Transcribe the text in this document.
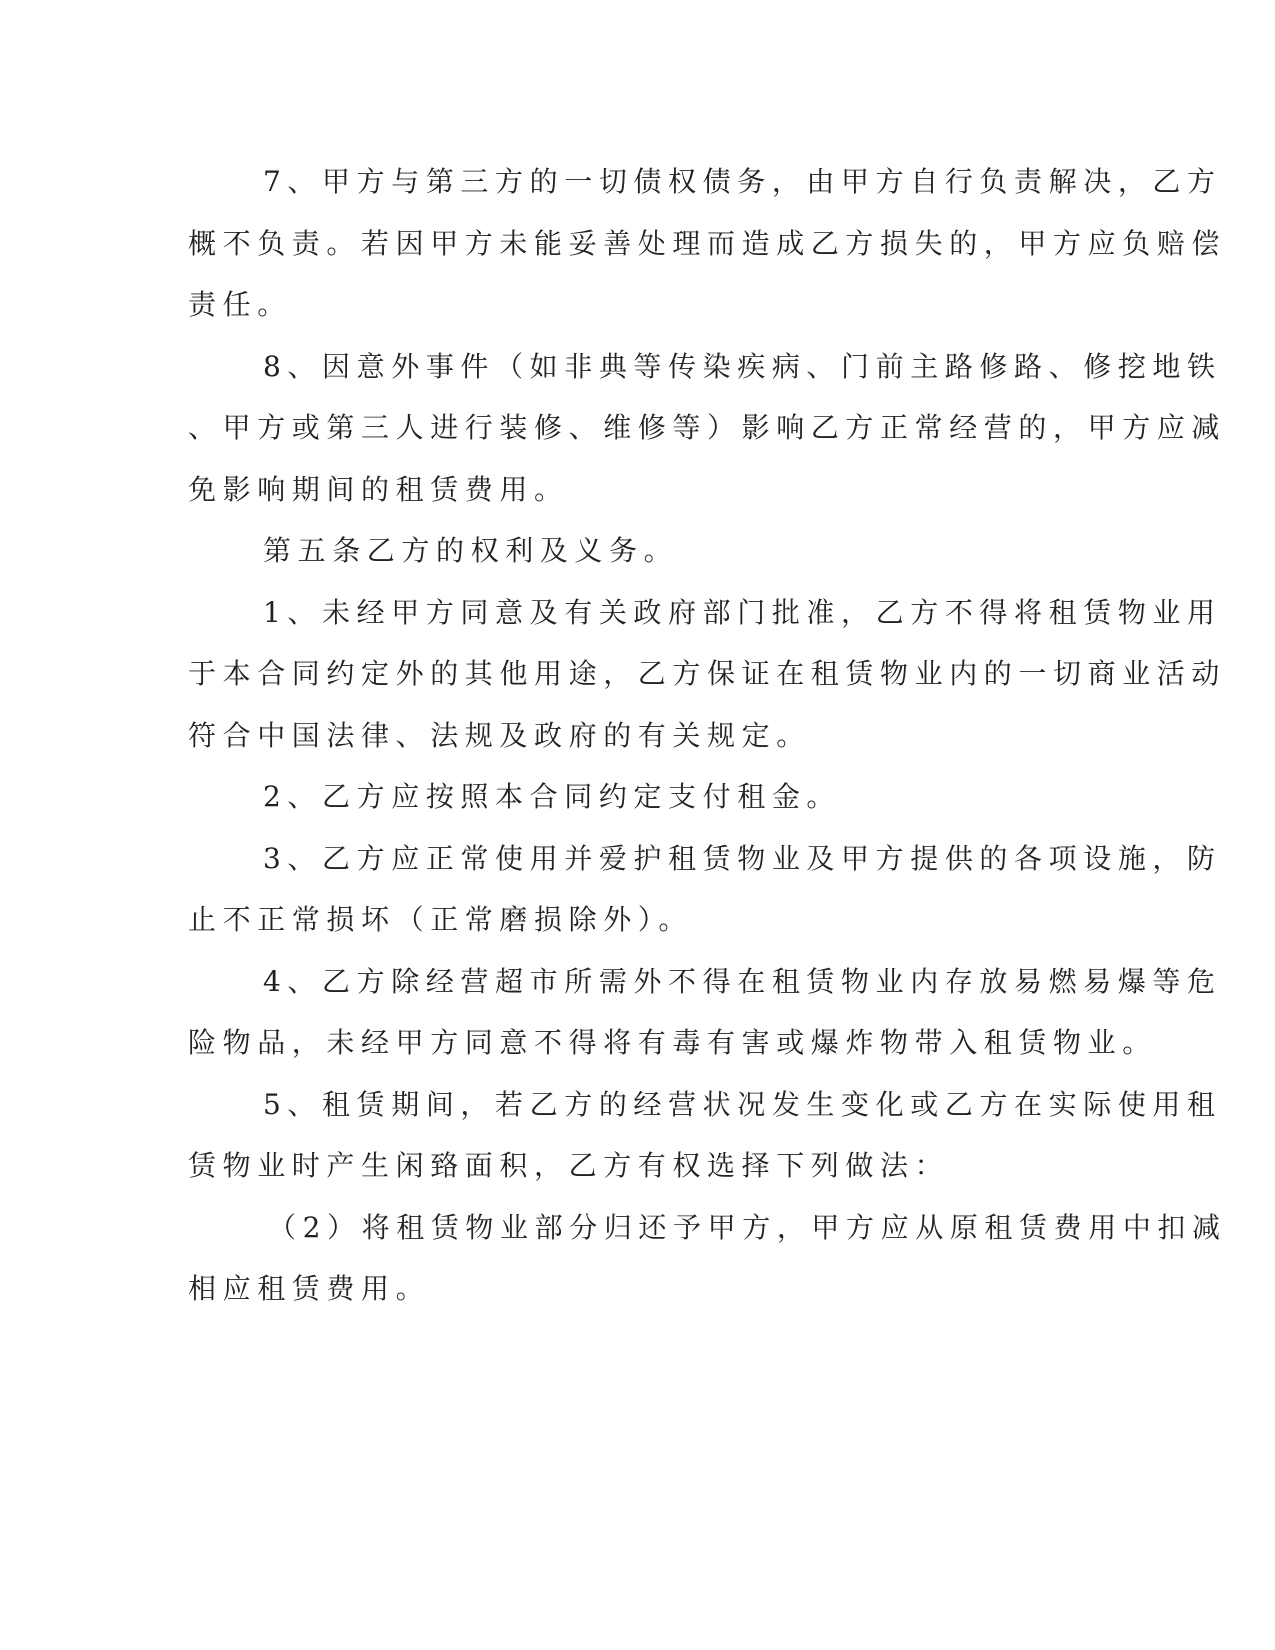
7、甲方与第三方的一切债权债务，由甲方自行负责解决，乙方
概不负责。若因甲方未能妥善处理而造成乙方损失的，甲方应负赔偿
责任。
8、因意外事件（如非典等传染疾病、门前主路修路、修挖地铁
、甲方或第三人进行装修、维修等）影响乙方正常经营的，甲方应减
免影响期间的租赁费用。
第五条乙方的权利及义务。
1、未经甲方同意及有关政府部门批准，乙方不得将租赁物业用
于本合同约定外的其他用途，乙方保证在租赁物业内的一切商业活动
符合中国法律、法规及政府的有关规定。
2、乙方应按照本合同约定支付租金。
3、乙方应正常使用并爱护租赁物业及甲方提供的各项设施，防
止不正常损坏（正常磨损除外）。
4、乙方除经营超市所需外不得在租赁物业内存放易燃易爆等危
险物品，未经甲方同意不得将有毒有害或爆炸物带入租赁物业。
5、租赁期间，若乙方的经营状况发生变化或乙方在实际使用租
赁物业时产生闲臵面积，乙方有权选择下列做法：
（2）将租赁物业部分归还予甲方，甲方应从原租赁费用中扣减
相应租赁费用。
